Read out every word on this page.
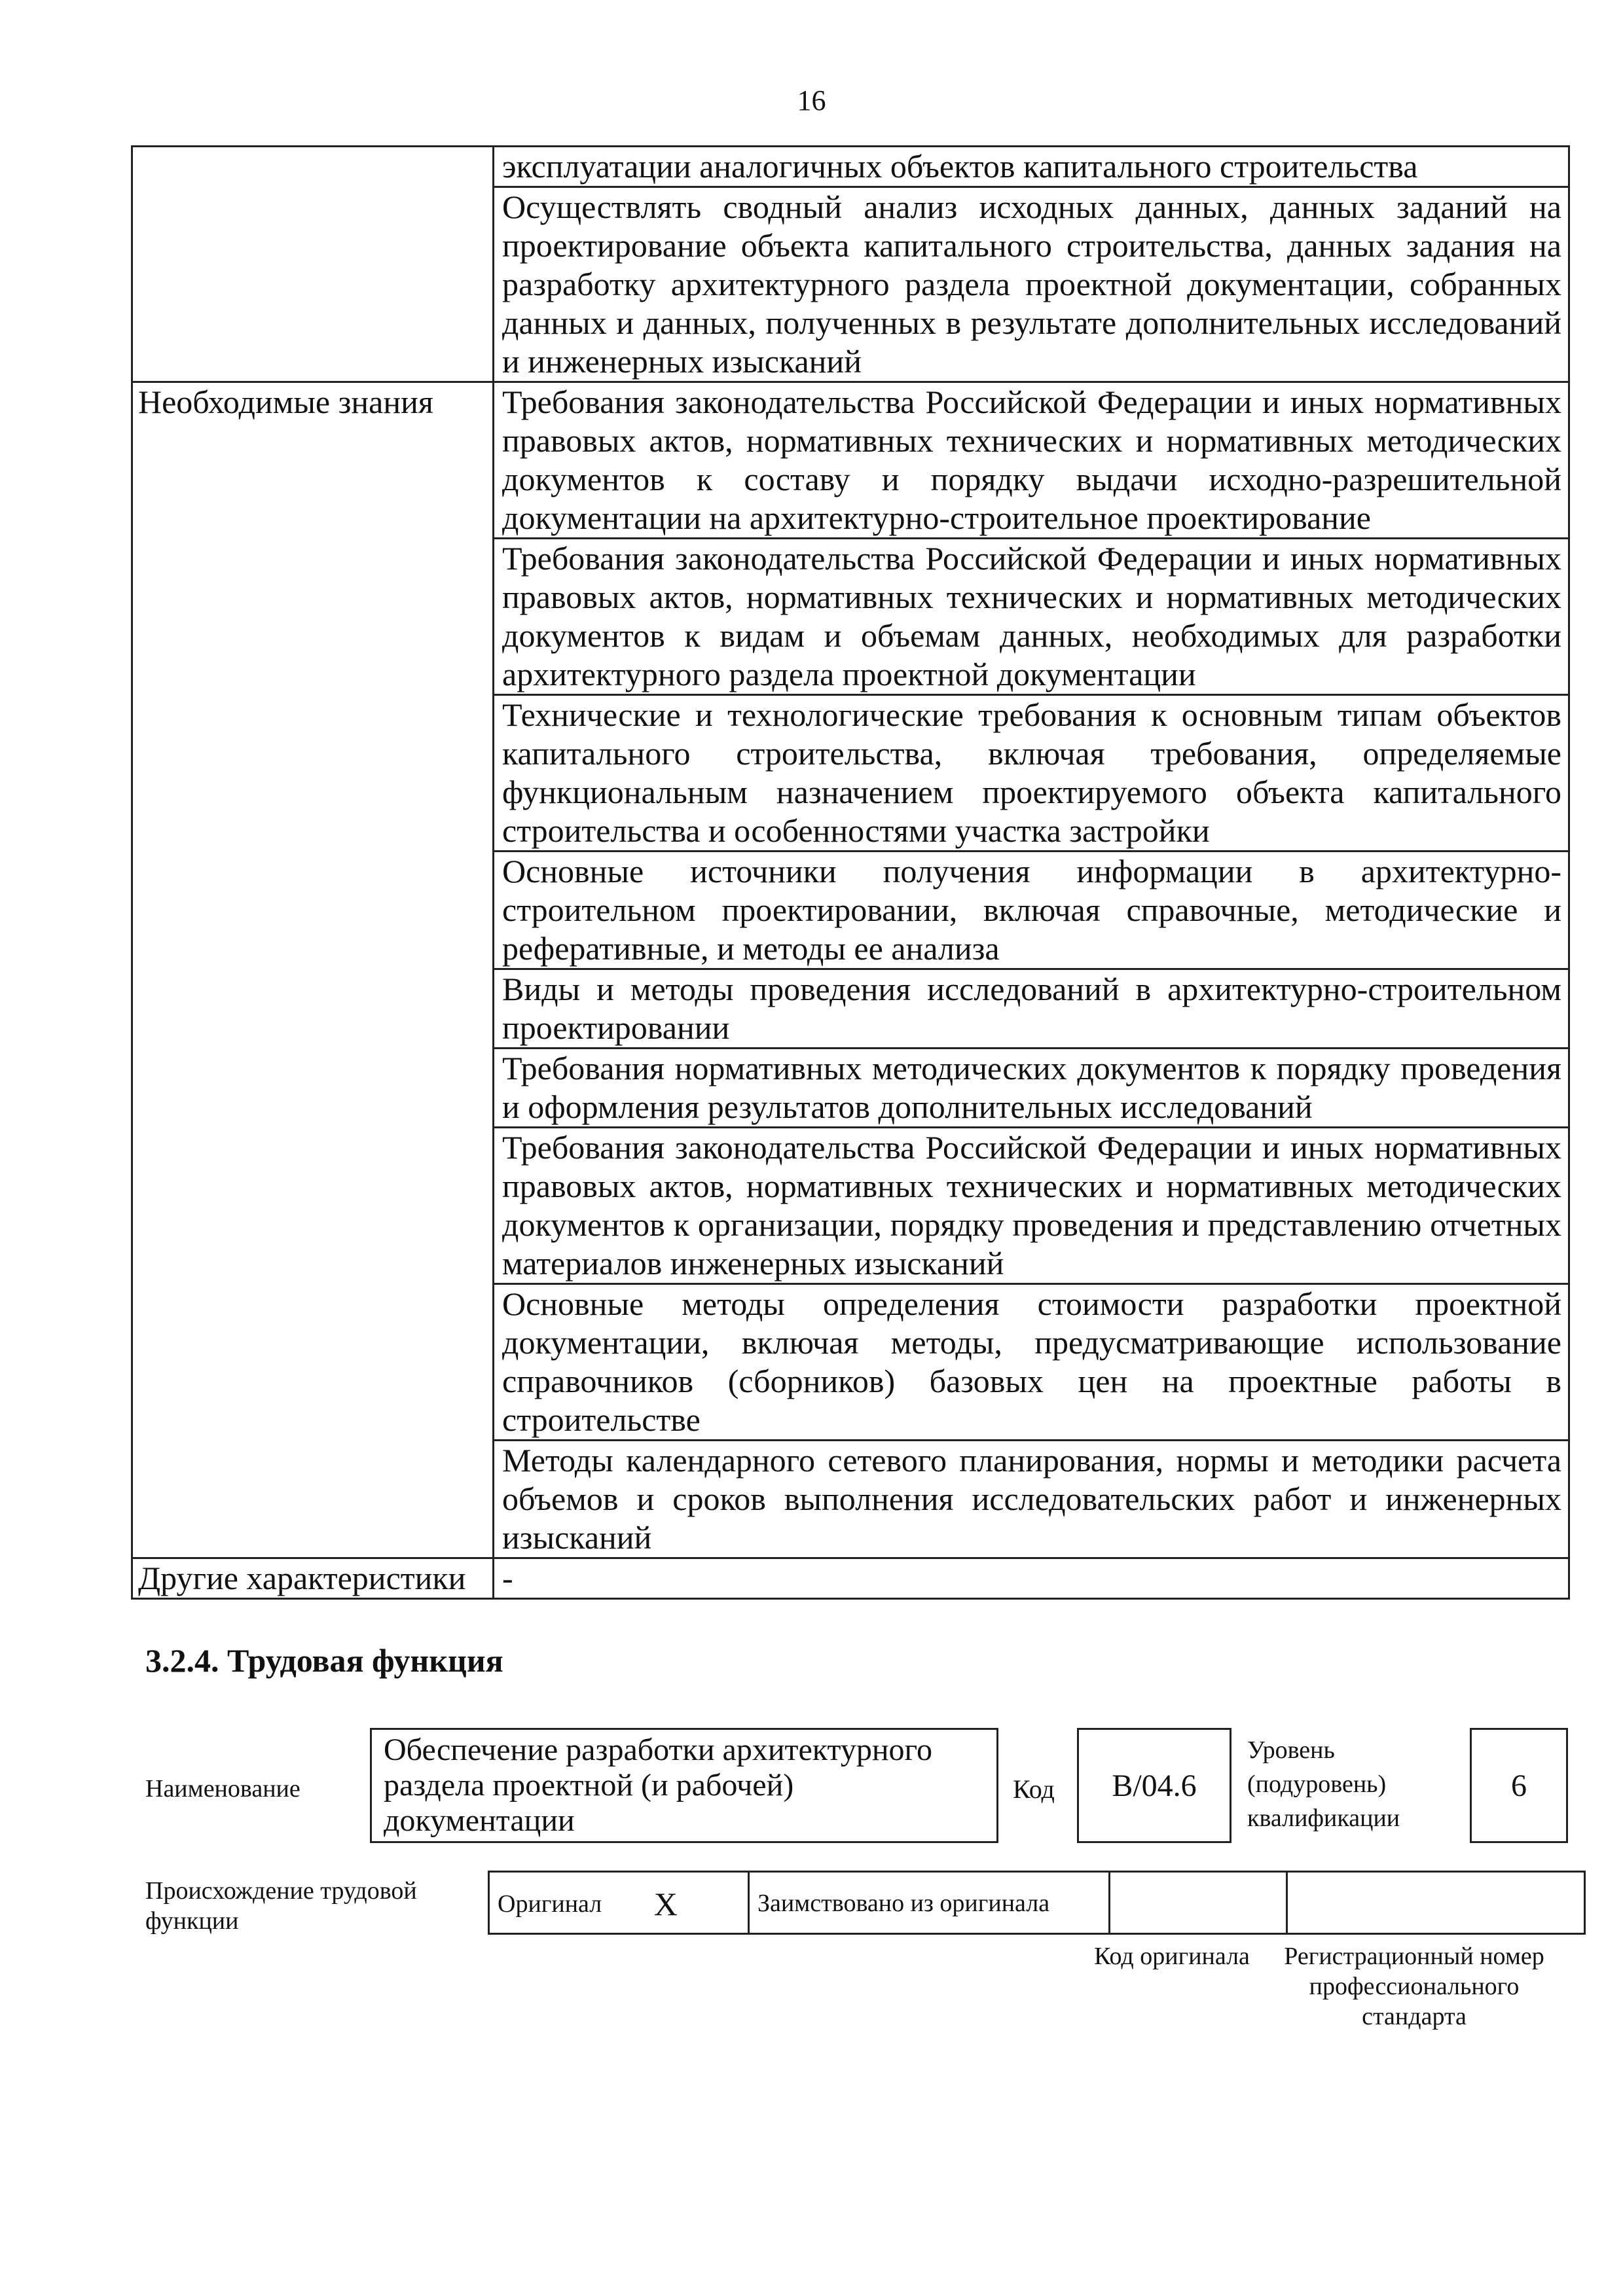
16
	эксплуатации аналогичных объектов капитального строительства
	Осуществлять сводный анализ исходных данных, данных заданий на проектирование объекта капитального строительства, данных задания на разработку архитектурного раздела проектной документации, собранных данных и данных, полученных в результате дополнительных исследований и инженерных изысканий
Необходимые знания	Требования законодательства Российской Федерации и иных нормативных правовых актов, нормативных технических и нормативных методических документов к составу и порядку выдачи исходно-разрешительной документации на архитектурно-строительное проектирование
	Требования законодательства Российской Федерации и иных нормативных правовых актов, нормативных технических и нормативных методических документов к видам и объемам данных, необходимых для разработки архитектурного раздела проектной документации
	Технические и технологические требования к основным типам объектов капитального строительства, включая требования, определяемые функциональным назначением проектируемого объекта капитального строительства и особенностями участка застройки
	Основные источники получения информации в архитектурно-строительном проектировании, включая справочные, методические и реферативные, и методы ее анализа
	Виды и методы проведения исследований в архитектурно-строительном проектировании
	Требования нормативных методических документов к порядку проведения и оформления результатов дополнительных исследований
	Требования законодательства Российской Федерации и иных нормативных правовых актов, нормативных технических и нормативных методических документов к организации, порядку проведения и представлению отчетных материалов инженерных изысканий
	Основные методы определения стоимости разработки проектной документации, включая методы, предусматривающие использование справочников (сборников) базовых цен на проектные работы в строительстве
	Методы календарного сетевого планирования, нормы и методики расчета объемов и сроков выполнения исследовательских работ и инженерных изысканий
Другие характеристики	-
3.2.4. Трудовая функция
Наименование
Обеспечение разработки архитектурного раздела проектной (и рабочей) документации
Код	B/04.6
Уровень (подуровень) квалификации
6
Происхождение трудовой функции
Оригинал X	Заимствовано из оригинала		
Код оригинала Регистрационный номер профессионального стандарта
